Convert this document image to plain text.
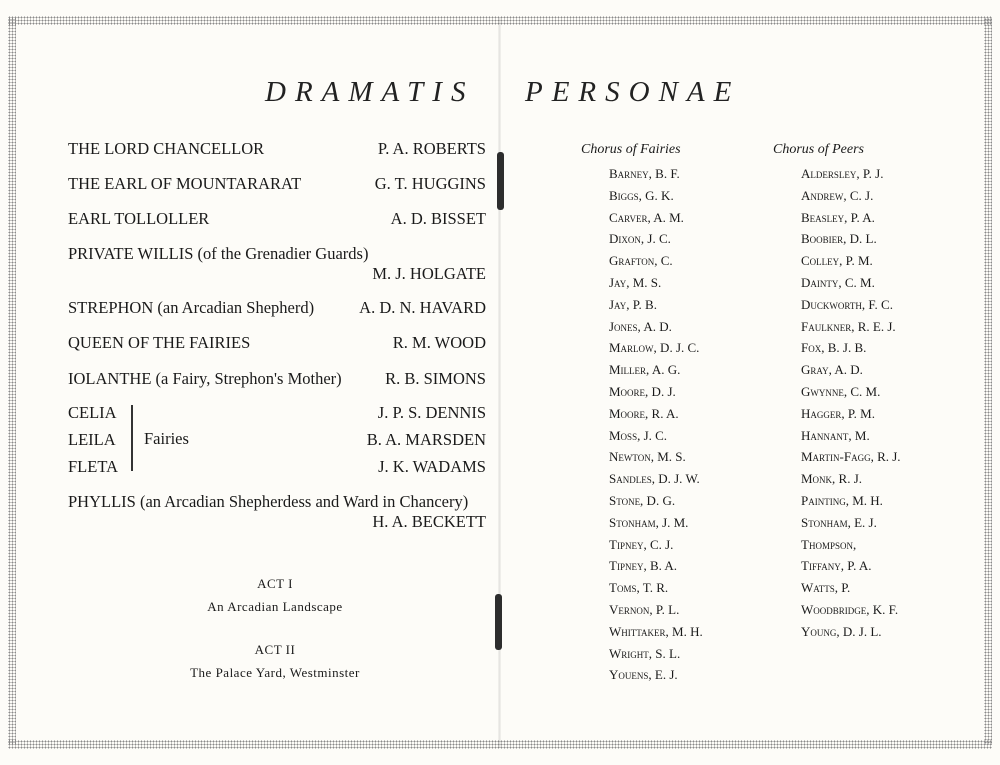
DRAMATIS PERSONAE
THE LORD CHANCELLOR	P. A. ROBERTS
THE EARL OF MOUNTARARAT	G. T. HUGGINS
EARL TOLLOLLER	A. D. BISSET
PRIVATE WILLIS (of the Grenadier Guards)
M. J. HOLGATE
STREPHON (an Arcadian Shepherd)	A. D. N. HAVARD
QUEEN OF THE FAIRIES	R. M. WOOD
IOLANTHE (a Fairy, Strephon's Mother)	R. B. SIMONS
CELIA	J. P. S. DENNIS
LEILA	B. A. MARSDEN
FLETA	J. K. WADAMS
Fairies
PHYLLIS (an Arcadian Shepherdess and Ward in Chancery)
H. A. BECKETT
ACT I
An Arcadian Landscape
ACT II
The Palace Yard, Westminster
Chorus of Fairies
Barney, B. F.
Biggs, G. K.
Carver, A. M.
Dixon, J. C.
Grafton, C.
Jay, M. S.
Jay, P. B.
Jones, A. D.
Marlow, D. J. C.
Miller, A. G.
Moore, D. J.
Moore, R. A.
Moss, J. C.
Newton, M. S.
Sandles, D. J. W.
Stone, D. G.
Stonham, J. M.
Tipney, C. J.
Tipney, B. A.
Toms, T. R.
Vernon, P. L.
Whittaker, M. H.
Wright, S. L.
Youens, E. J.
Chorus of Peers
Aldersley, P. J.
Andrew, C. J.
Beasley, P. A.
Boobier, D. L.
Colley, P. M.
Dainty, C. M.
Duckworth, F. C.
Faulkner, R. E. J.
Fox, B. J. B.
Gray, A. D.
Gwynne, C. M.
Hagger, P. M.
Hannant, M.
Martin-Fagg, R. J.
Monk, R. J.
Painting, M. H.
Stonham, E. J.
Thompson,
Tiffany, P. A.
Watts, P.
Woodbridge, K. F.
Young, D. J. L.
